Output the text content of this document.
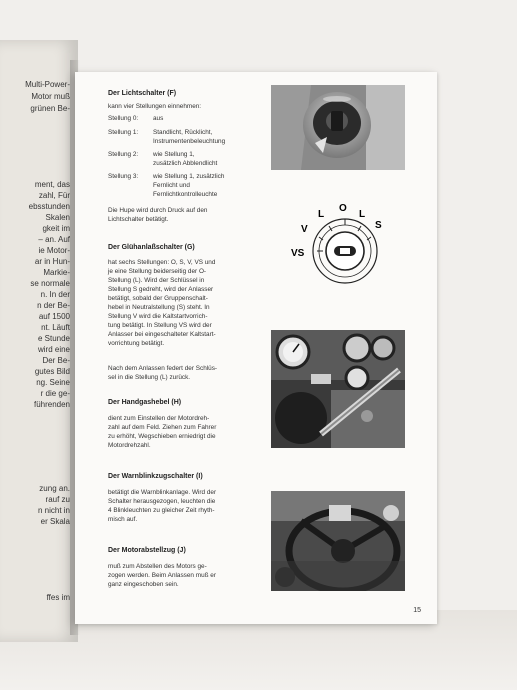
Multi-Power-
Motor muß
grünen Be-
ment, das
zahl, Für
ebsstunden
Skalen
gkeit im
– an. Auf
ie Motor-
ar in Hun-
Markie-
se normale
n. In der
n der Be-
auf 1500
nt. Läuft
e Stunde
wird eine
Der Be-
gutes Bild
ng. Seine
r die ge-
führenden
zung an.
rauf zu
n nicht in
er Skala
ffes im
Der Lichtschalter (F)
kann vier Stellungen einnehmen:
Stellung 0: aus
Stellung 1: Standlicht, Rücklicht,
Instrumentenbeleuchtung
Stellung 2: wie Stellung 1,
zusätzlich Abblendlicht
Stellung 3: wie Stellung 1, zusätzlich
Fernlicht und
Fernlichtkontrolleuchte
Die Hupe wird durch Druck auf den
Lichtschalter betätigt.
Der Glühanlaßschalter (G)
hat sechs Stellungen: O, S, V, VS und
je eine Stellung beiderseitig der O-
Stellung (L). Wird der Schlüssel in
Stellung S gedreht, wird der Anlasser
betätigt, sobald der Gruppenschalt-
hebel in Neutralstellung (S) steht. In
Stellung V wird die Kaltstartvorrich-
tung betätigt. In Stellung VS wird der
Anlasser bei eingeschalteter Kaltstart-
vorrichtung betätigt.
Nach dem Anlassen federt der Schlüs-
sel in die Stellung (L) zurück.
Der Handgashebel (H)
dient zum Einstellen der Motordreh-
zahl auf dem Feld. Ziehen zum Fahrer
zu erhöht, Wegschieben erniedrigt die
Motordrehzahl.
Der Warnblinkzugschalter (I)
betätigt die Warnblinkanlage. Wird der
Schalter herausgezogen, leuchten die
4 Blinkleuchten zu gleicher Zeit rhyth-
misch auf.
Der Motorabstellzug (J)
muß zum Abstellen des Motors ge-
zogen werden. Beim Anlassen muß er
ganz eingeschoben sein.
L
O
L
S
V
VS
15
